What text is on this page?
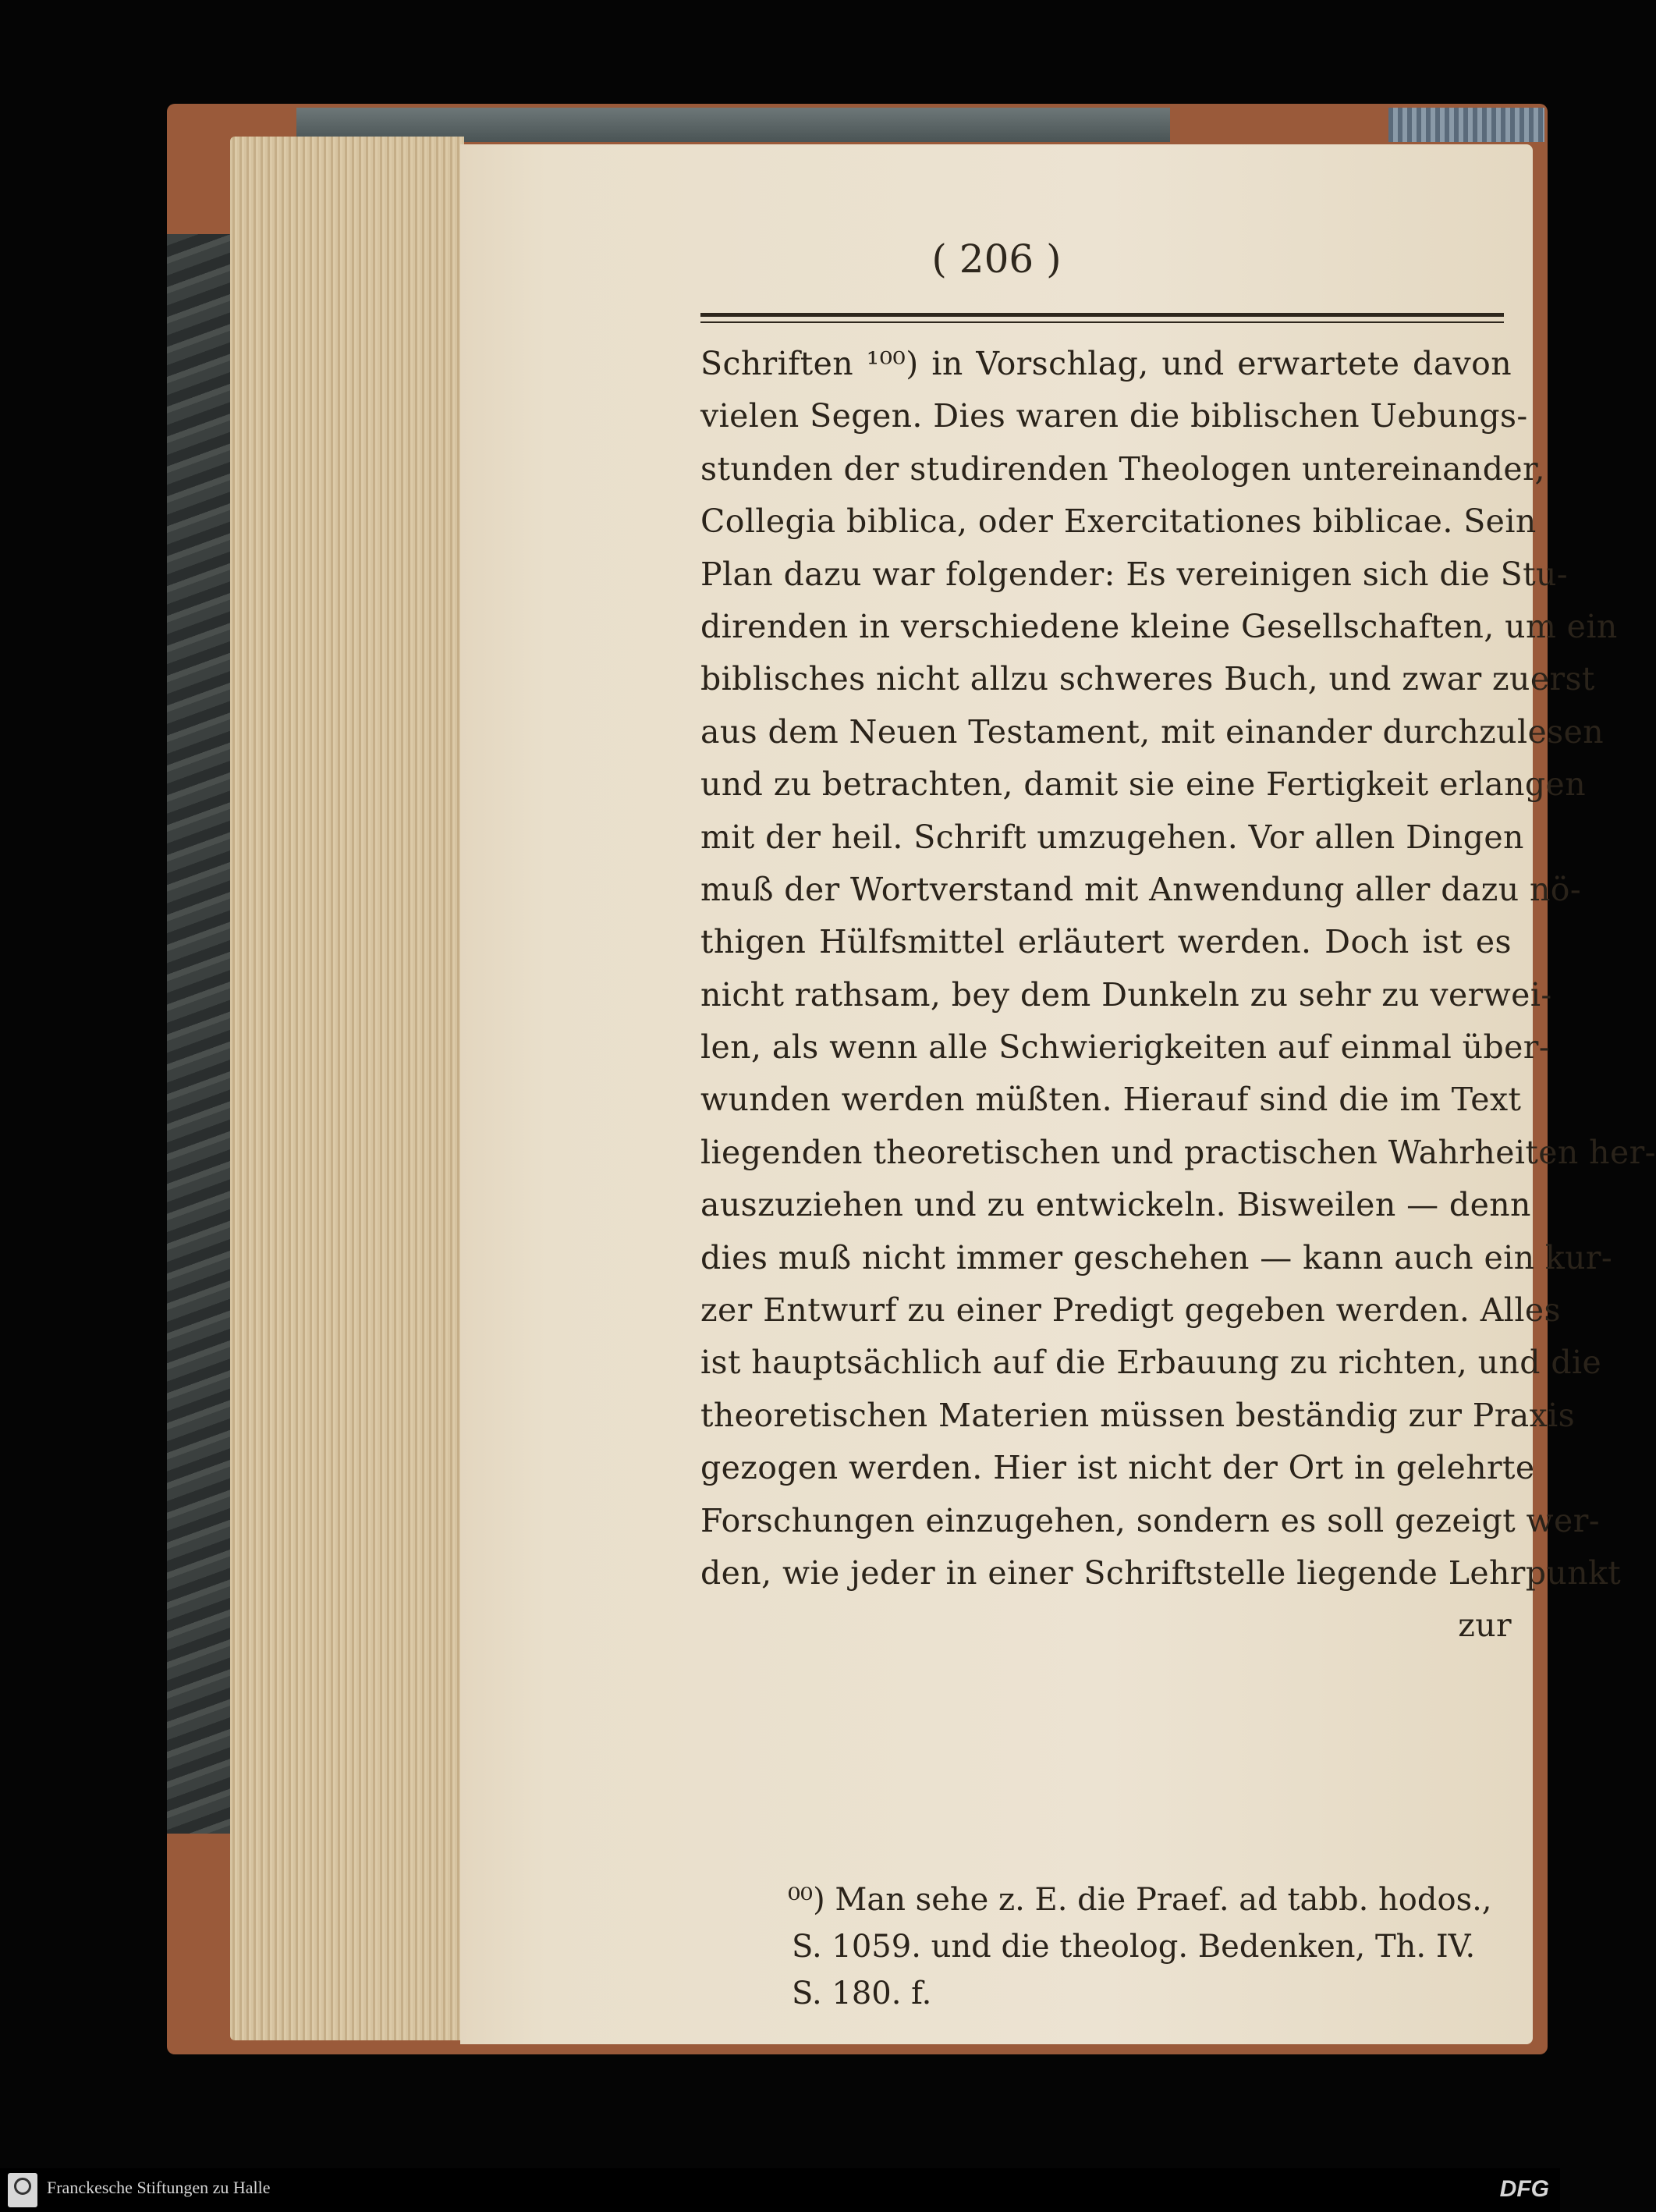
( 206 )
Schriften ¹⁰⁰) in Vorschlag, und erwartete davon
vielen Segen. Dies waren die biblischen Uebungs-
stunden der studirenden Theologen untereinander,
Collegia biblica, oder Exercitationes biblicae. Sein
Plan dazu war folgender: Es vereinigen sich die Stu-
direnden in verschiedene kleine Gesellschaften, um ein
biblisches nicht allzu schweres Buch, und zwar zuerst
aus dem Neuen Testament, mit einander durchzulesen
und zu betrachten, damit sie eine Fertigkeit erlangen
mit der heil. Schrift umzugehen. Vor allen Dingen
muß der Wortverstand mit Anwendung aller dazu nö-
thigen Hülfsmittel erläutert werden. Doch ist es
nicht rathsam, bey dem Dunkeln zu sehr zu verwei-
len, als wenn alle Schwierigkeiten auf einmal über-
wunden werden müßten. Hierauf sind die im Text
liegenden theoretischen und practischen Wahrheiten her-
auszuziehen und zu entwickeln. Bisweilen — denn
dies muß nicht immer geschehen — kann auch ein kur-
zer Entwurf zu einer Predigt gegeben werden. Alles
ist hauptsächlich auf die Erbauung zu richten, und die
theoretischen Materien müssen beständig zur Praxis
gezogen werden. Hier ist nicht der Ort in gelehrte
Forschungen einzugehen, sondern es soll gezeigt wer-
den, wie jeder in einer Schriftstelle liegende Lehrpunkt
zur
⁰⁰) Man sehe z. E. die Praef. ad tabb. hodos.,
S. 1059. und die theolog. Bedenken, Th. IV.
S. 180. f.
Franckesche Stiftungen zu Halle	DFG
